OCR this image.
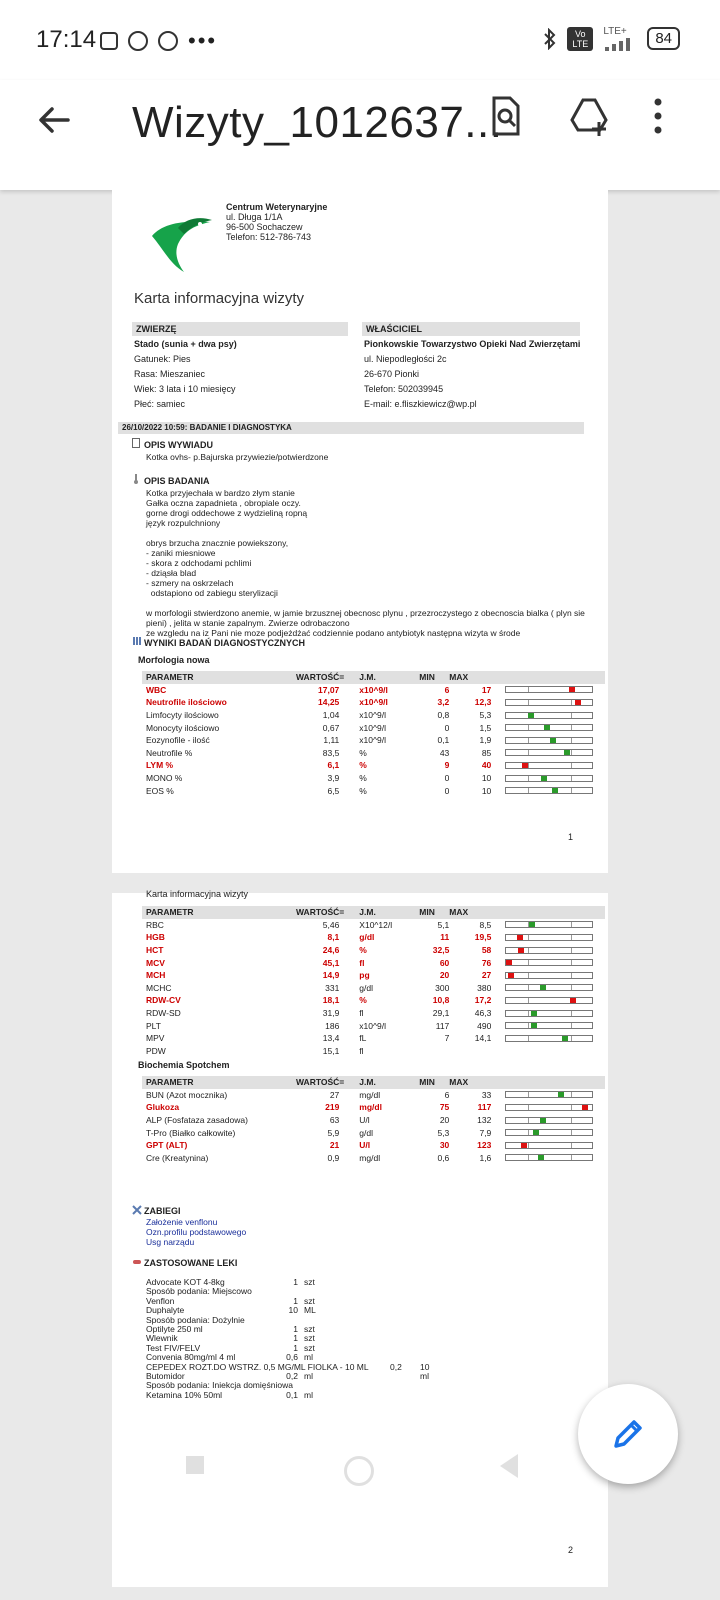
17:14	•••	Vo LTE
LTE+	84
Wizyty_1012637...
Centrum Weterynaryjne
ul. Długa 1/1A
96-500 Sochaczew
Telefon: 512-786-743
Karta informacyjna wizyty
ZWIERZĘ	WŁAŚCICIEL
Stado (sunia + dwa psy)
Gatunek: Pies
Rasa: Mieszaniec
Wiek: 3 lata i 10 miesięcy
Płeć: samiec
Pionkowskie Towarzystwo Opieki Nad Zwierzętami
ul. Niepodległości 2c
26-670 Pionki
Telefon: 502039945
E-mail: e.fliszkiewicz@wp.pl
26/10/2022 10:59: BADANIE I DIAGNOSTYKA
OPIS WYWIADU
Kotka ovhs- p.Bajurska przywiezie/potwierdzone
OPIS BADANIA
Kotka przyjechała w bardzo złym stanie
Gałka oczna zapadnieta , obropiale oczy.
gorne drogi oddechowe z wydzieliną ropną
język rozpulchniony
obrys brzucha znacznie powiekszony,
- zaniki miesniowe
- skora z odchodami pchlimi
- dziąsła blad
- szmery na oskrzelach
odstapiono od zabiegu sterylizacji
w morfologii stwierdzono anemie, w jamie brzusznej obecnosc plynu , przezroczystego z obecnoscia bialka ( plyn sie
pieni) , jelita w stanie zapalnym. Zwierze odrobaczono
ze wzgledu na iz Pani nie moze podjeżdżać codziennie podano antybiotyk następna wizyta w środe
WYNIKI BADAŃ DIAGNOSTYCZNYCH
Morfologia nowa
PARAMETR	WARTOŚĆ	=	J.M.	MIN	MAX	
WBC	17,07		x10^9/l	6	17	

Neutrofile ilościowo	14,25		x10^9/l	3,2	12,3	

Limfocyty ilościowo	1,04		x10^9/l	0,8	5,3	

Monocyty ilościowo	0,67		x10^9/l	0	1,5	

Eozynofile - ilość	1,11		x10^9/l	0,1	1,9	

Neutrofile %	83,5		%	43	85	

LYM %	6,1		%	9	40	

MONO %	3,9		%	0	10	

EOS %	6,5		%	0	10	
1
Karta informacyjna wizyty
PARAMETR	WARTOŚĆ	=	J.M.	MIN	MAX	
RBC	5,46		X10^12/l	5,1	8,5	

HGB	8,1		g/dl	11	19,5	

HCT	24,6		%	32,5	58	

MCV	45,1		fl	60	76	

MCH	14,9		pg	20	27	

MCHC	331		g/dl	300	380	

RDW-CV	18,1		%	10,8	17,2	

RDW-SD	31,9		fl	29,1	46,3	

PLT	186		x10^9/l	117	490	

MPV	13,4		fL	7	14,1	

PDW	15,1		fl			
Biochemia Spotchem
PARAMETR	WARTOŚĆ	=	J.M.	MIN	MAX	
BUN (Azot mocznika)	27		mg/dl	6	33	

Glukoza	219		mg/dl	75	117	

ALP (Fosfataza zasadowa)	63		U/l	20	132	

T-Pro (Białko całkowite)	5,9		g/dl	5,3	7,9	

GPT (ALT)	21		U/l	30	123	

Cre (Kreatynina)	0,9		mg/dl	0,6	1,6	
ZABIEGI
Założenie venflonu
Ozn.profilu podstawowego
Usg narządu
ZASTOSOWANE LEKI
Advocate KOT 4-8kg	1 szt
Sposób podania: Miejscowo
Venflon	1 szt
Duphalyte	10 ML
Sposób podania: Dożylnie
Optilyte 250 ml	1 szt
Wlewnik	1 szt
Test FIV/FELV	1 szt
Convenia 80mg/ml 4 ml	0,6 ml
CEPEDEX ROZT.DO WSTRZ. 0,5 MG/ML FIOLKA - 10 ML	0,2 10 ml
Butomidor	0,2 ml
Sposób podania: Iniekcja domięśniowa
Ketamina 10% 50ml	0,1 ml
2
